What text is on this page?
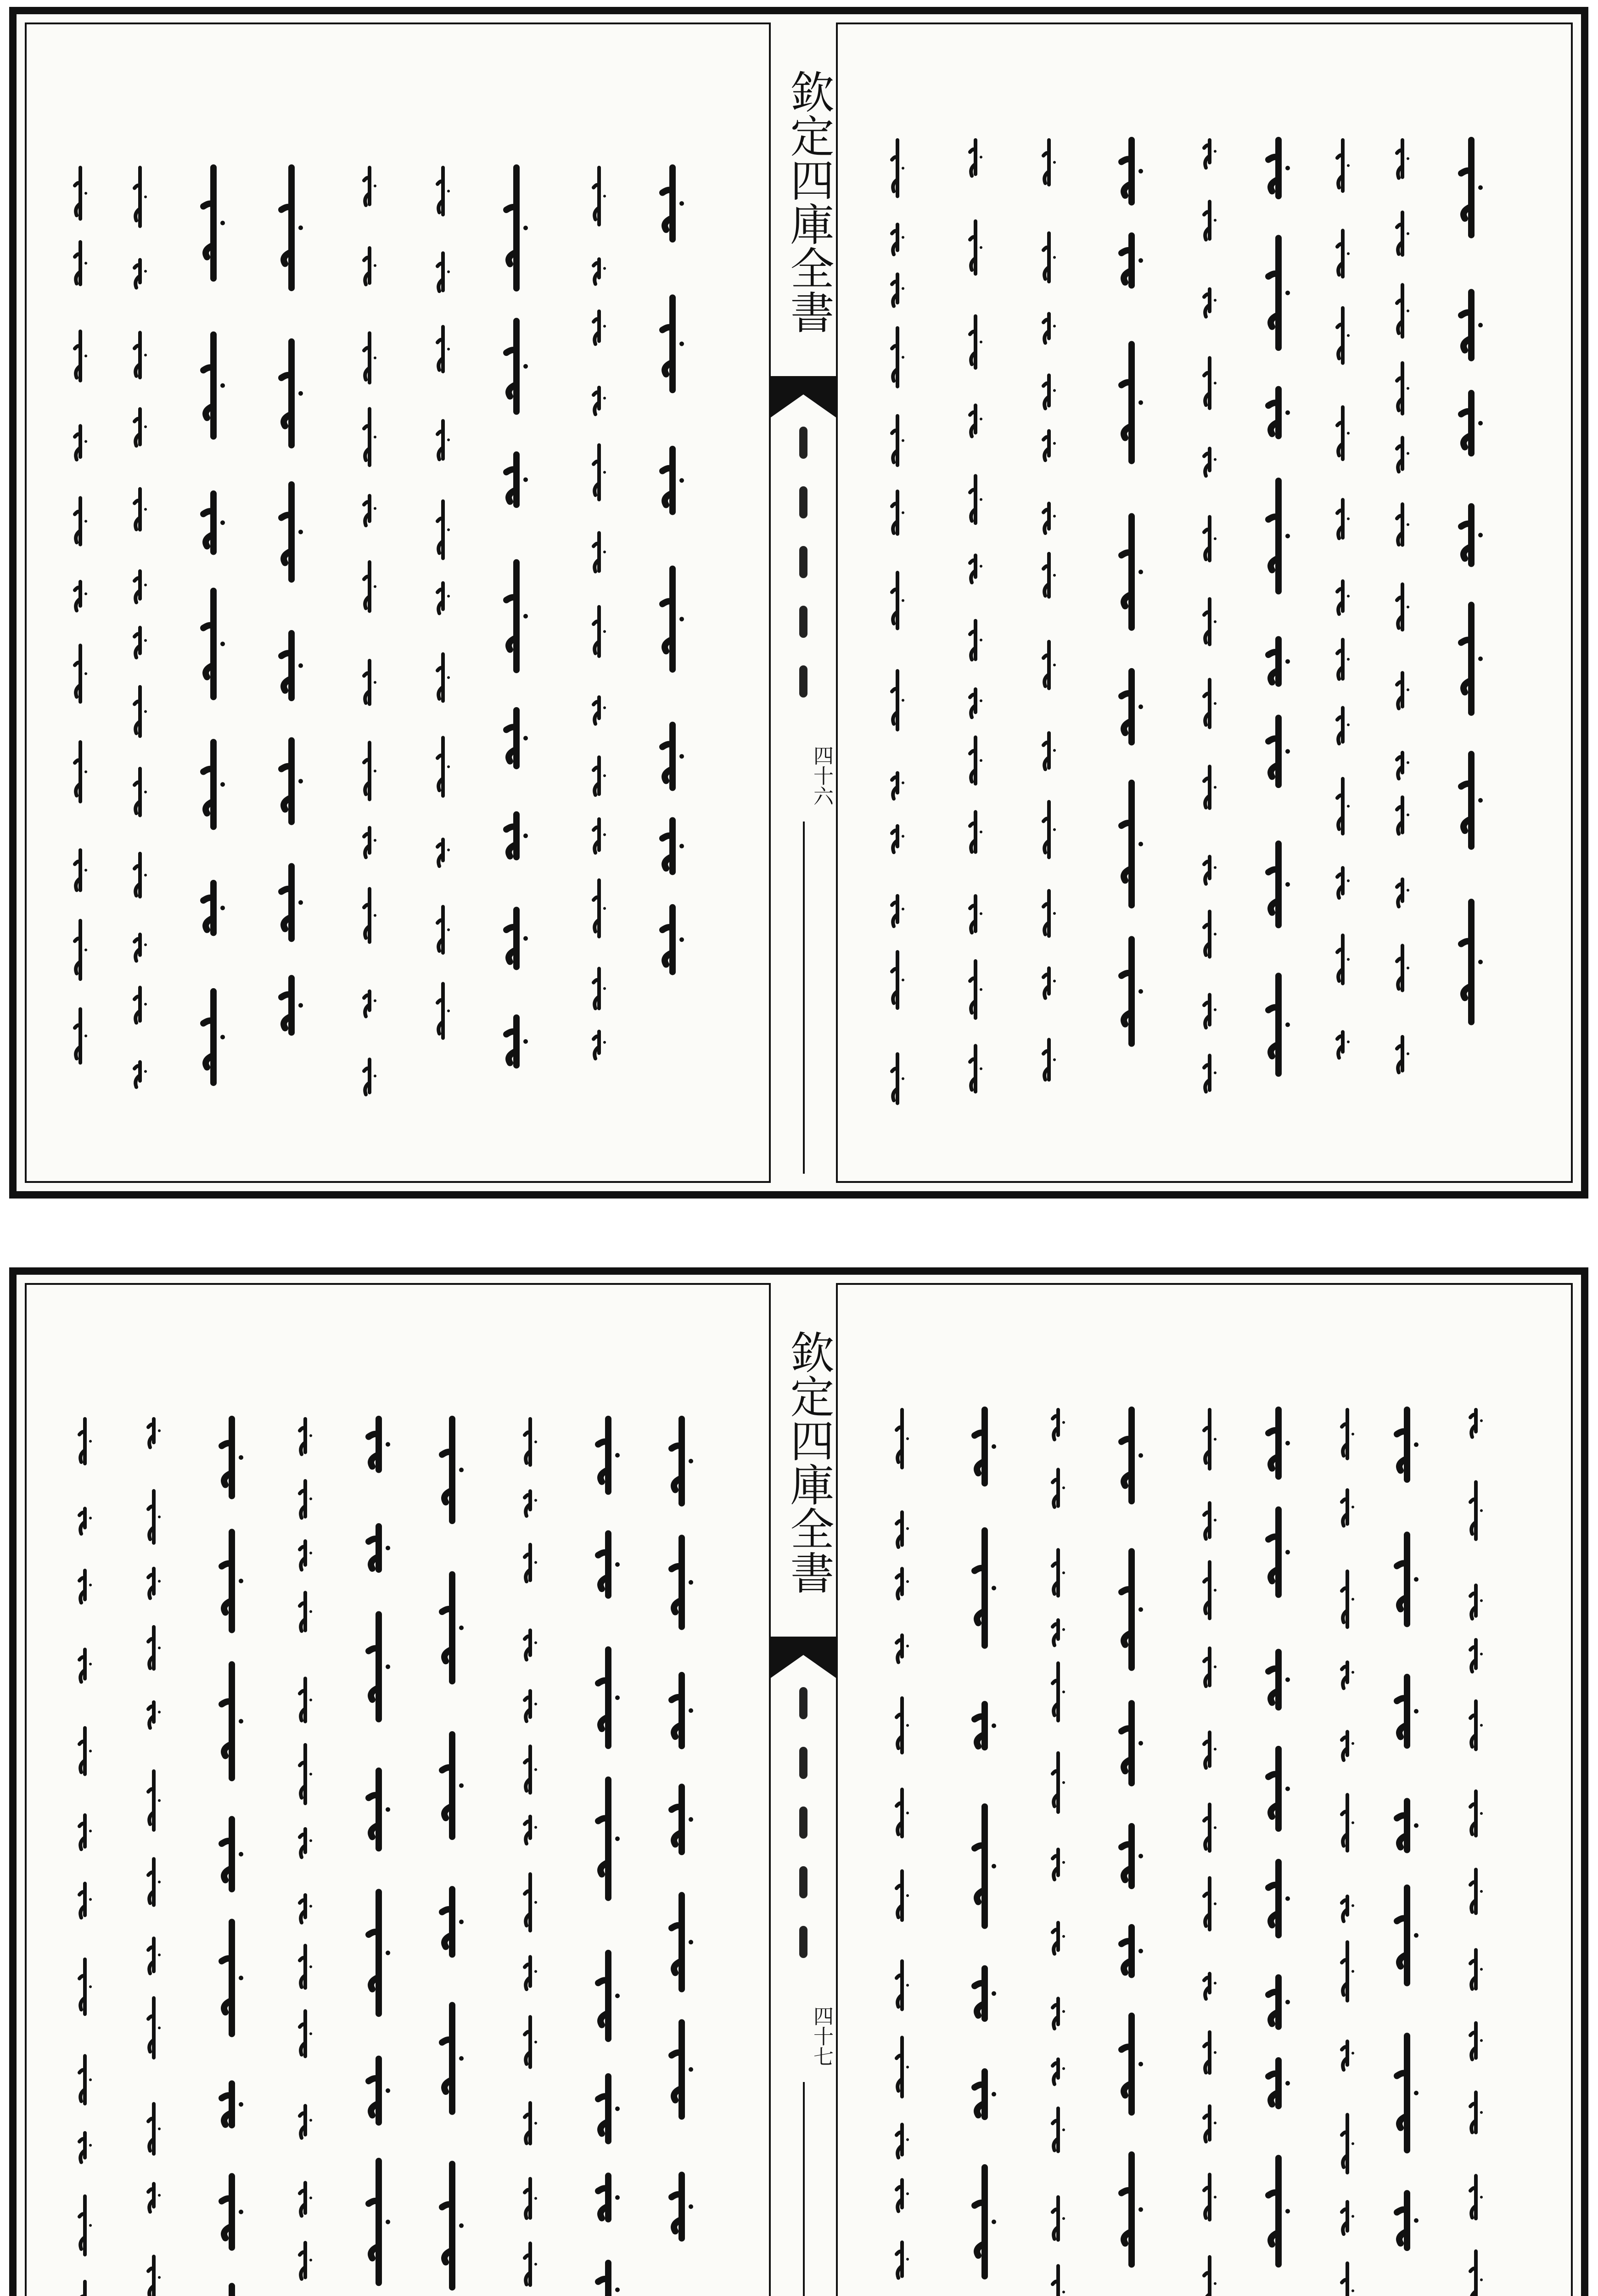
欽定四庫全書
四十六
欽定四庫全書
四十七
